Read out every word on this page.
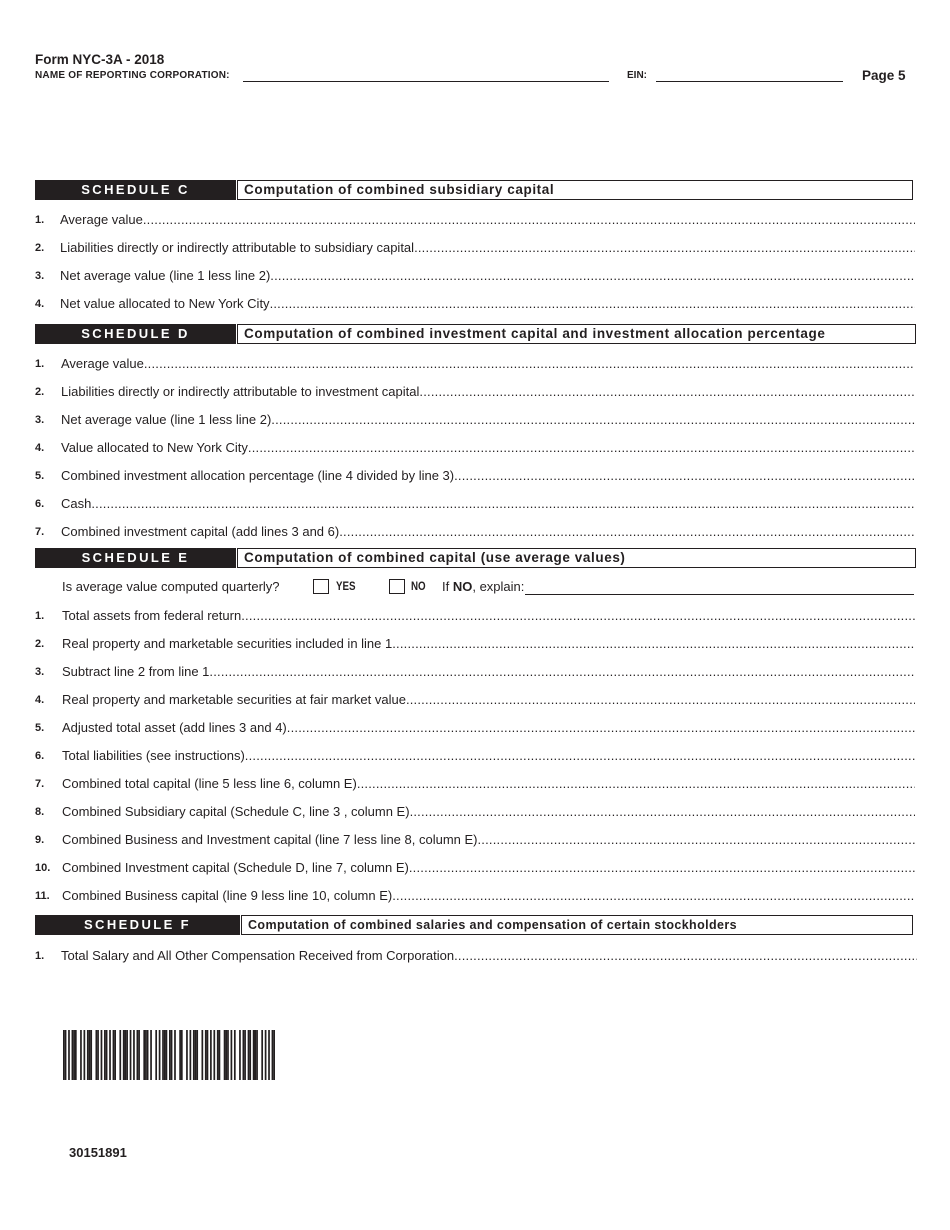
Form NYC-3A - 2018
NAME OF REPORTING CORPORATION:	EIN:	Page 5
SCHEDULE C	Computation of combined subsidiary capital
1. Average value
.....
2. Liabilities directly or indirectly attributable to subsidiary capital
.....
3. Net average value (line 1 less line 2)
.....
4. Net value allocated to New York City
.....
SCHEDULE D	Computation of combined investment capital and investment allocation percentage
1. Average value
.....
2. Liabilities directly or indirectly attributable to investment capital
.....
3. Net average value (line 1 less line 2)
.....
4. Value allocated to New York City
.....
5. Combined investment allocation percentage (line 4 divided by line 3)
.....
6. Cash
.....
7. Combined investment capital (add lines 3 and 6)
.....
SCHEDULE E	Computation of combined capital (use average values)
Is average value computed quarterly?	YES	NO If NO, explain:
1. Total assets from federal return
.....
2. Real property and marketable securities included in line 1
.....
3. Subtract line 2 from line 1
.....
4. Real property and marketable securities at fair market value
.....
5. Adjusted total asset (add lines 3 and 4)
.....
6. Total liabilities (see instructions)
.....
7. Combined total capital (line 5 less line 6, column E)
.....
8. Combined Subsidiary capital (Schedule C, line 3 , column E)
.....
9. Combined Business and Investment capital (line 7 less line 8, column E)
.....
10. Combined Investment capital (Schedule D, line 7, column E)
.....
11. Combined Business capital (line 9 less line 10, column E)
.....
SCHEDULE F	Computation of combined salaries and compensation of certain stockholders
1. Total Salary and All Other Compensation Received from Corporation
.....
30151891
